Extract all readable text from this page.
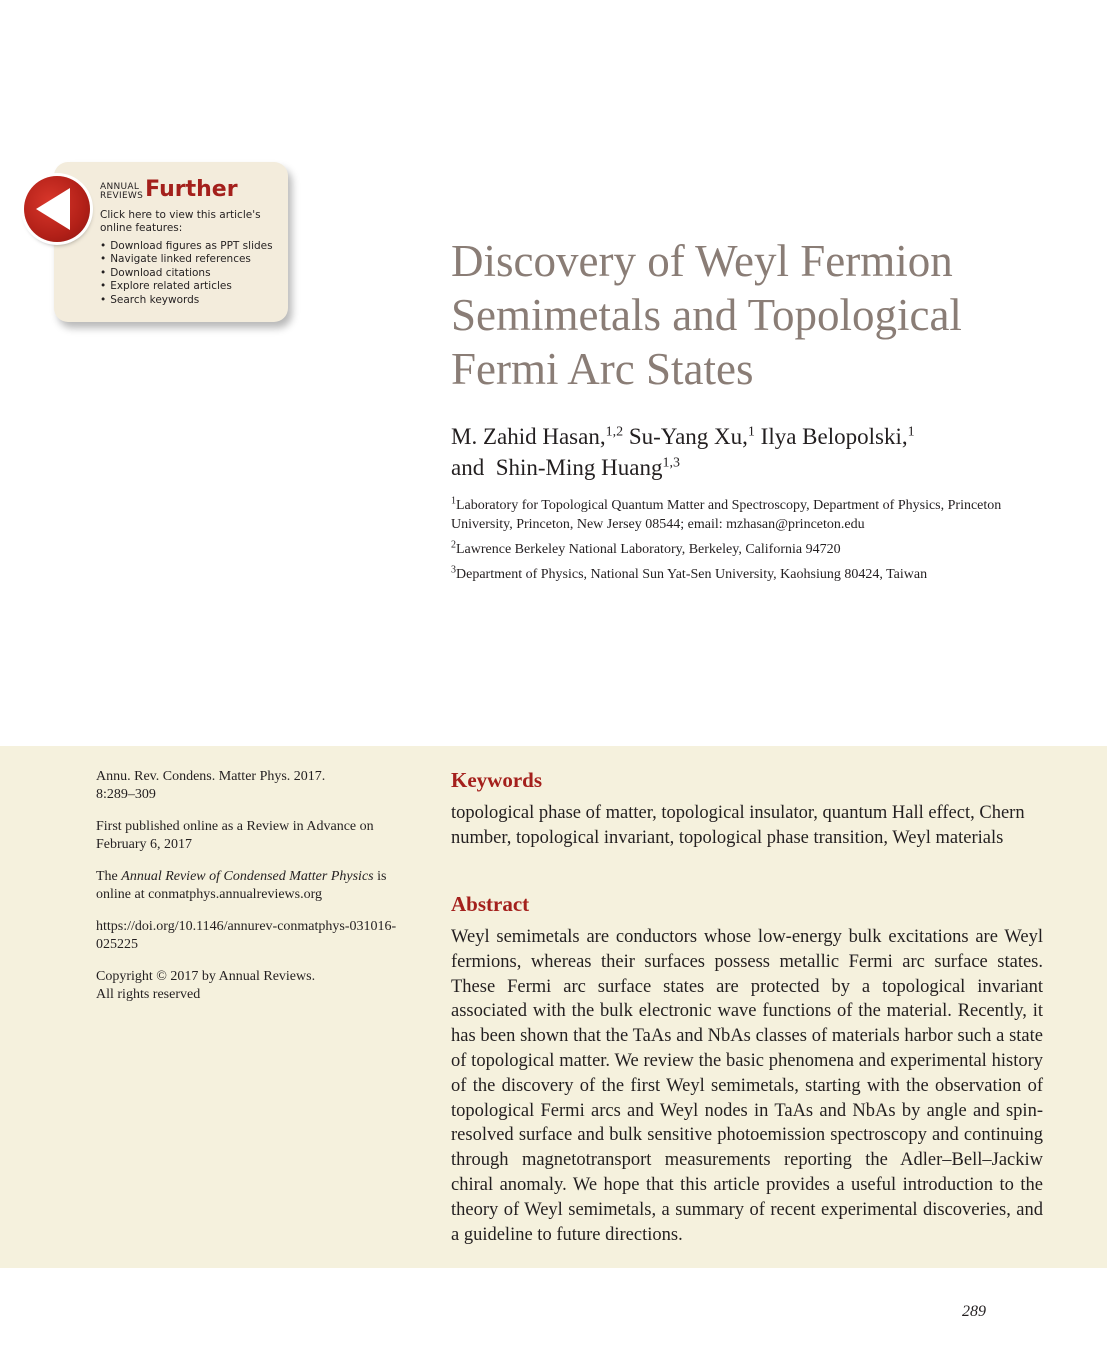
ANNUAL
REVIEWSFurther
Click here to view this article's online features:
• Download figures as PPT slides
• Navigate linked references
• Download citations
• Explore related articles
• Search keywords
Discovery of Weyl Fermion Semimetals and Topological Fermi Arc States
M. Zahid Hasan,$^{1,2}$ Su-Yang Xu,$^1$ Ilya Belopolski,$^1$
and  Shin-Ming Huang$^{1,3}$

$^1$Laboratory for Topological Quantum Matter and Spectroscopy, Department of Physics, Princeton University, Princeton, New Jersey 08544; email: mzhasan@princeton.edu

$^2$Lawrence Berkeley National Laboratory, Berkeley, California 94720

$^3$Department of Physics, National Sun Yat-Sen University, Kaohsiung 80424, Taiwan

Annu. Rev. Condens. Matter Phys. 2017.
8:289–309

First published online as a Review in Advance on February 6, 2017

The Annual Review of Condensed Matter Physics is online at conmatphys.annualreviews.org

https://doi.org/10.1146/annurev-conmatphys-031016-025225

Copyright © 2017 by Annual Reviews.
All rights reserved

Keywords

topological phase of matter, topological insulator, quantum Hall effect, Chern number, topological invariant, topological phase transition, Weyl materials

Abstract

Weyl semimetals are conductors whose low-energy bulk excitations are Weyl fermions, whereas their surfaces possess metallic Fermi arc surface states. These Fermi arc surface states are protected by a topological invariant associated with the bulk electronic wave functions of the material. Recently, it has been shown that the TaAs and NbAs classes of materials harbor such a state of topological matter. We review the basic phenomena and experimental history of the discovery of the first Weyl semimetals, starting with the observation of topological Fermi arcs and Weyl nodes in TaAs and NbAs by angle and spin-resolved surface and bulk sensitive photoemission spectroscopy and continuing through magnetotransport measurements reporting the Adler–Bell–Jackiw chiral anomaly. We hope that this article provides a useful introduction to the theory of Weyl semimetals, a summary of recent experimental discoveries, and a guideline to future directions.

289
